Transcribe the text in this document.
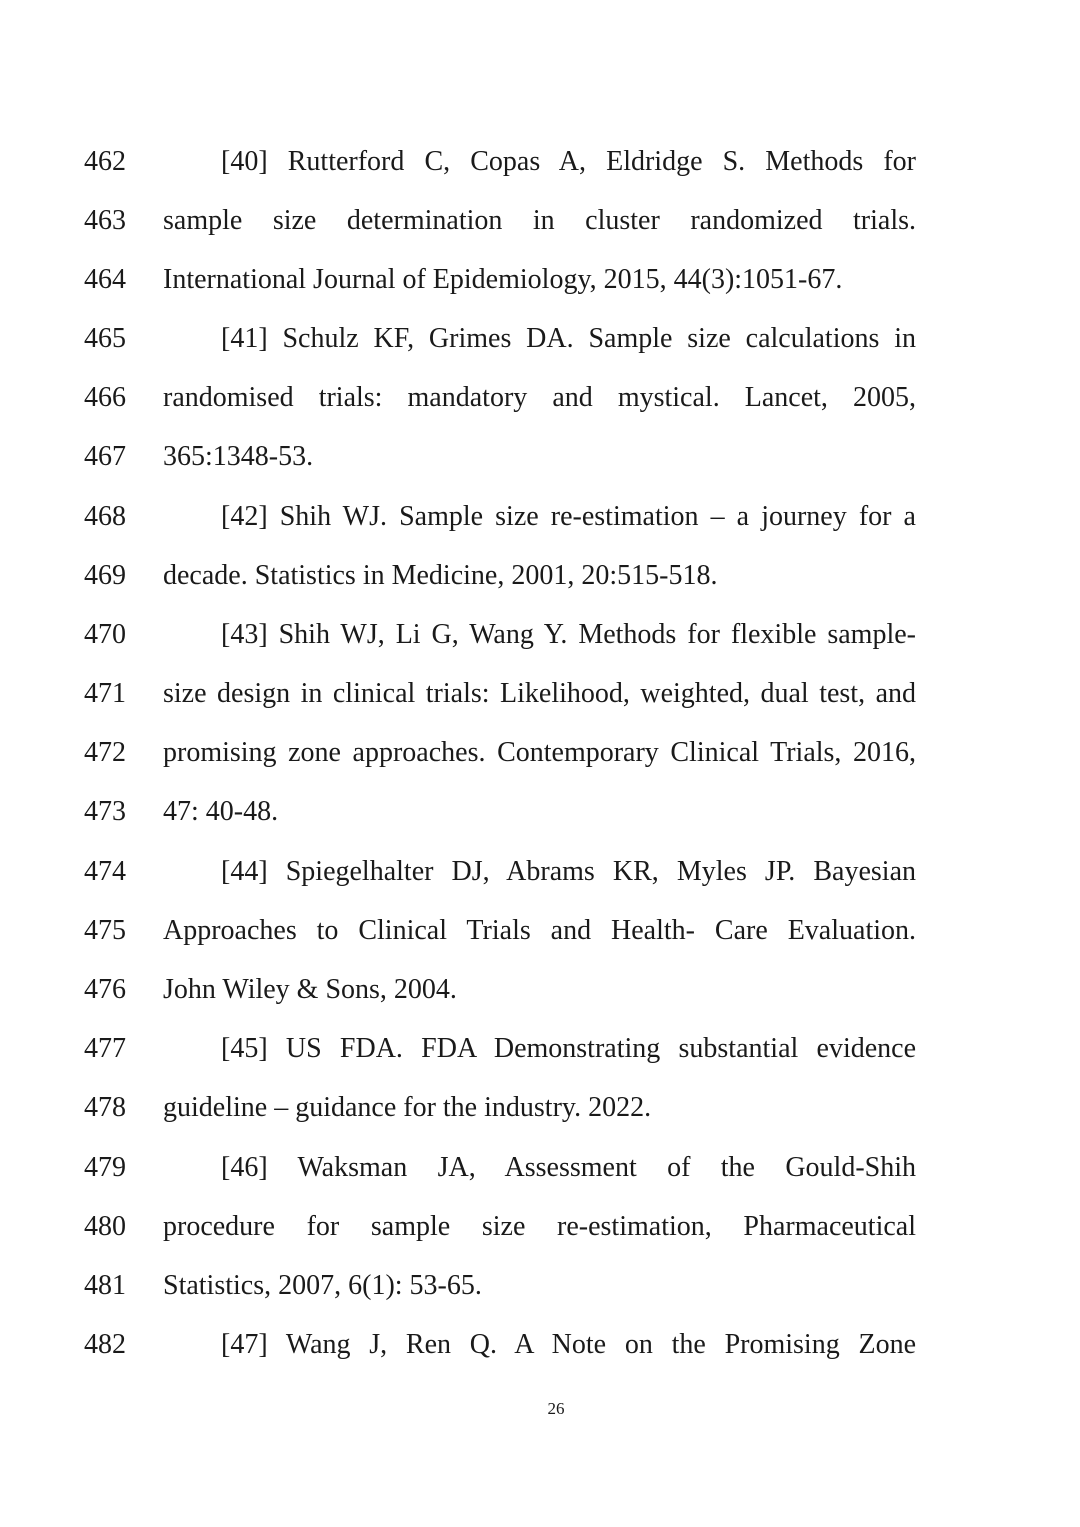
462	[40] Rutterford C, Copas A, Eldridge S. Methods for
463 sample size determination in cluster randomized trials.
464 International Journal of Epidemiology, 2015, 44(3):1051-67.
465	[41] Schulz KF, Grimes DA. Sample size calculations in
466 randomised trials: mandatory and mystical. Lancet, 2005,
467 365:1348-53.
468	[42] Shih WJ. Sample size re-estimation – a journey for a
469 decade. Statistics in Medicine, 2001, 20:515-518.
470	[43] Shih WJ, Li G, Wang Y. Methods for flexible sample-
471 size design in clinical trials: Likelihood, weighted, dual test, and
472 promising zone approaches. Contemporary Clinical Trials, 2016,
473 47: 40-48.
474	[44] Spiegelhalter DJ, Abrams KR, Myles JP. Bayesian
475 Approaches to Clinical Trials and Health- Care Evaluation.
476 John Wiley & Sons, 2004.
477	[45] US FDA. FDA Demonstrating substantial evidence
478 guideline – guidance for the industry. 2022.
479	[46] Waksman JA, Assessment of the Gould-Shih
480 procedure for sample size re-estimation, Pharmaceutical
481 Statistics, 2007, 6(1): 53-65.
482	[47] Wang J, Ren Q. A Note on the Promising Zone
26
